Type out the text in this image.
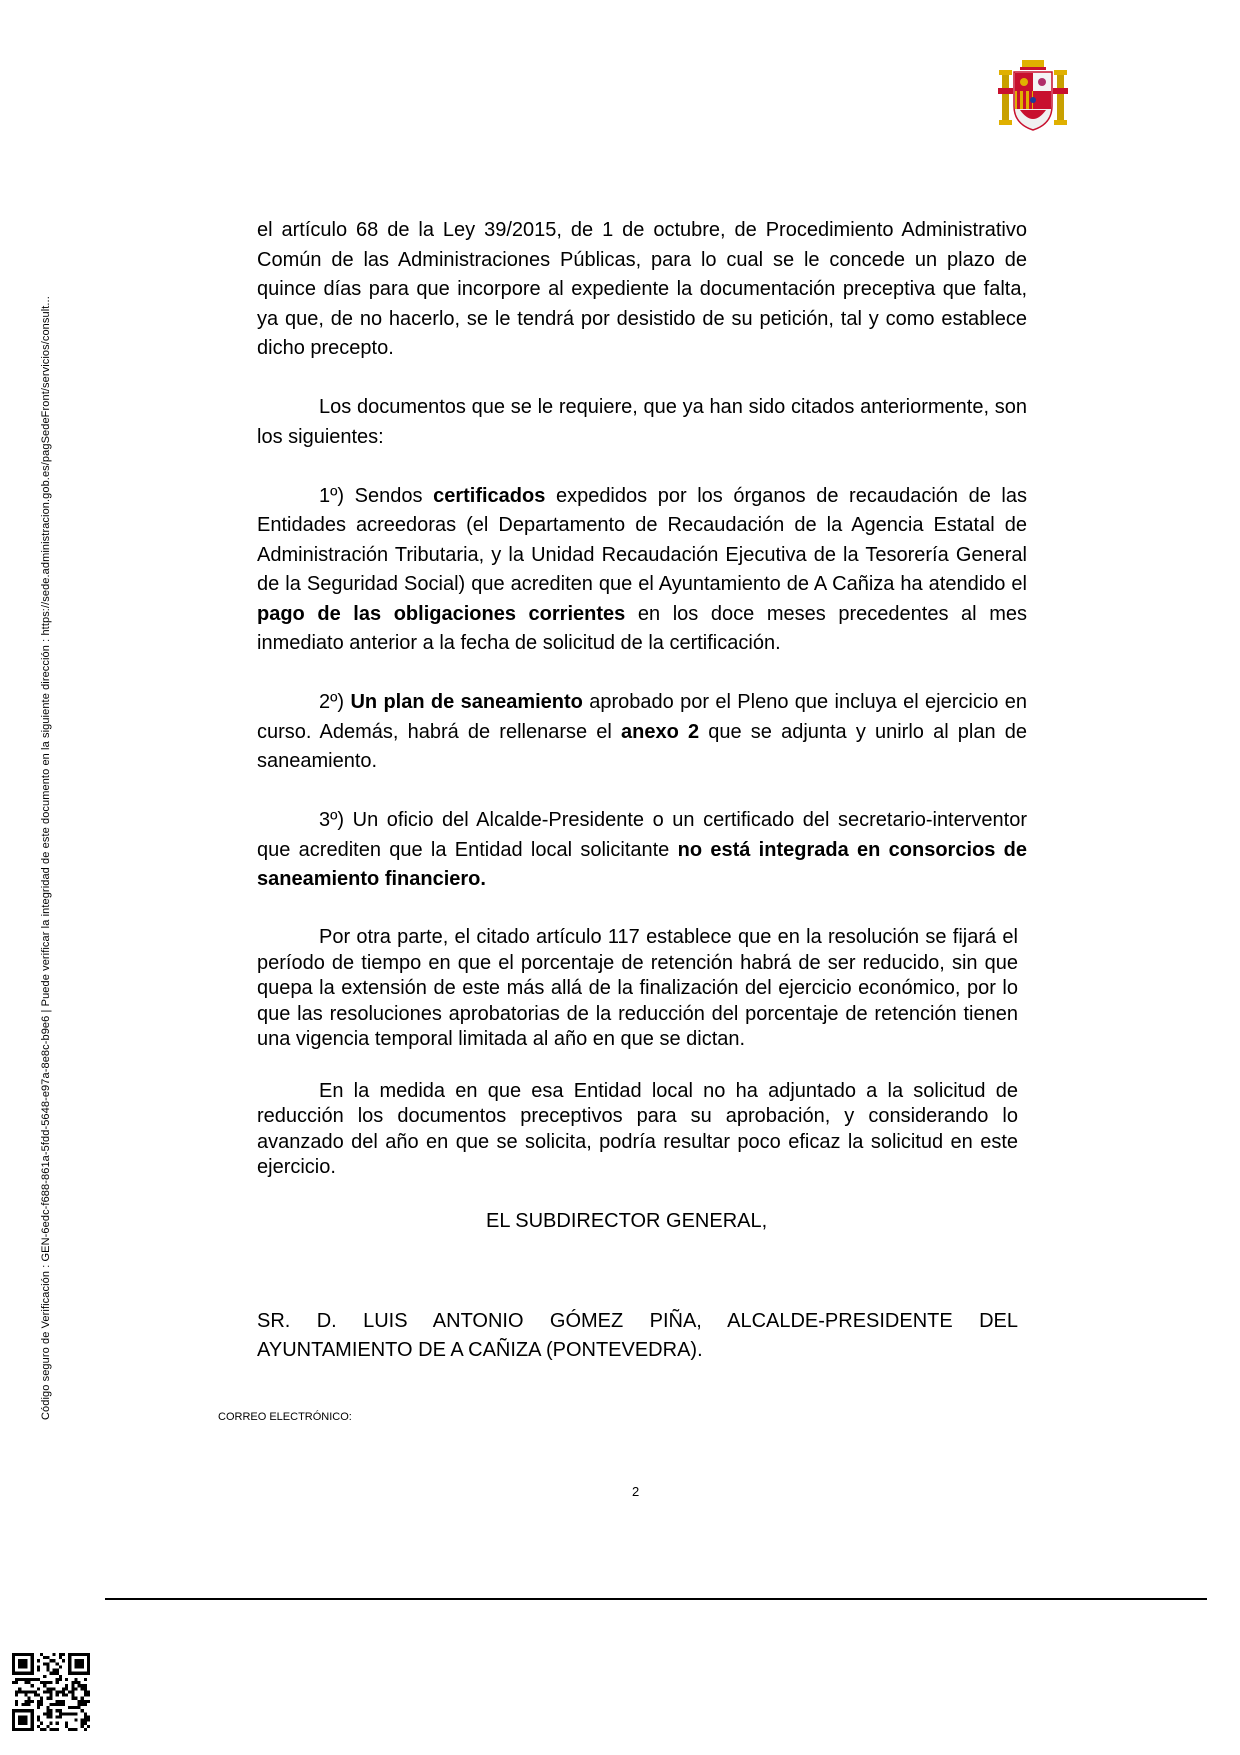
Código seguro de Verificación : GEN-6edc-f688-861a-5fdd-5648-e97a-8e8c-b9e6 | Puede verificar la integridad de este documento en la siguiente dirección : https://sede.administracion.gob.es/pagSedeFront/servicios/consult...

el artículo 68 de la Ley 39/2015, de 1 de octubre, de Procedimiento Administrativo Común de las Administraciones Públicas, para lo cual se le concede un plazo de quince días para que incorpore al expediente la documentación preceptiva que falta, ya que, de no hacerlo, se le tendrá por desistido de su petición, tal y como establece dicho precepto.

Los documentos que se le requiere, que ya han sido citados anteriormente, son los siguientes:

1º) Sendos certificados expedidos por los órganos de recaudación de las Entidades acreedoras (el Departamento de Recaudación de la Agencia Estatal de Administración Tributaria, y la Unidad Recaudación Ejecutiva de la Tesorería General de la Seguridad Social) que acrediten que el Ayuntamiento de A Cañiza ha atendido el pago de las obligaciones corrientes en los doce meses precedentes al mes inmediato anterior a la fecha de solicitud de la certificación.

2º) Un plan de saneamiento aprobado por el Pleno que incluya el ejercicio en curso. Además, habrá de rellenarse el anexo 2 que se adjunta y unirlo al plan de saneamiento.

3º) Un oficio del Alcalde-Presidente o un certificado del secretario-interventor que acrediten que la Entidad local solicitante no está integrada en consorcios de saneamiento financiero.

Por otra parte, el citado artículo 117 establece que en la resolución se fijará el período de tiempo en que el porcentaje de retención habrá de ser reducido, sin que quepa la extensión de este más allá de la finalización del ejercicio económico, por lo que las resoluciones aprobatorias de la reducción del porcentaje de retención tienen una vigencia temporal limitada al año en que se dictan.

En la medida en que esa Entidad local no ha adjuntado a la solicitud de reducción los documentos preceptivos para su aprobación, y considerando lo avanzado del año en que se solicita, podría resultar poco eficaz la solicitud en este ejercicio.

EL SUBDIRECTOR GENERAL,
SR. D. LUIS ANTONIO GÓMEZ PIÑA, ALCALDE-PRESIDENTE DEL AYUNTAMIENTO DE A CAÑIZA (PONTEVEDRA).
CORREO ELECTRÓNICO:
2
